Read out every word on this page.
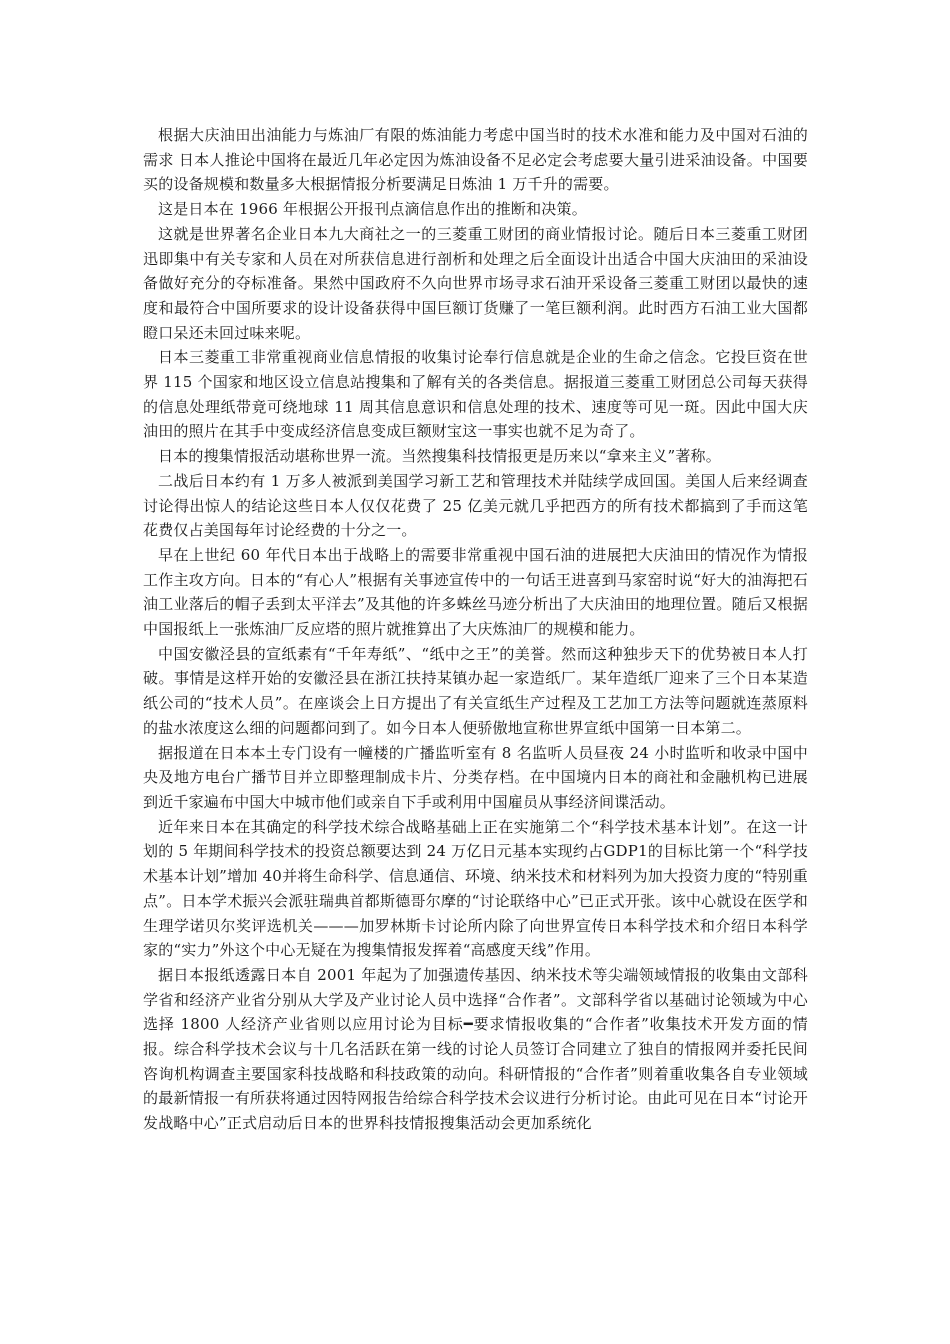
根据大庆油田出油能力与炼油厂有限的炼油能力考虑中国当时的技术水准和能力及中国对石油的需求 日本人推论中国将在最近几年必定因为炼油设备不足必定会考虑要大量引进采油设备。中国要买的设备规模和数量多大根据情报分析要满足日炼油 1 万千升的需要。

这是日本在 1966 年根据公开报刊点滴信息作出的推断和决策。

这就是世界著名企业日本九大商社之一的三菱重工财团的商业情报讨论。随后日本三菱重工财团迅即集中有关专家和人员在对所获信息进行剖析和处理之后全面设计出适合中国大庆油田的采油设备做好充分的夺标准备。果然中国政府不久向世界市场寻求石油开采设备三菱重工财团以最快的速度和最符合中国所要求的设计设备获得中国巨额订货赚了一笔巨额利润。此时西方石油工业大国都瞪口呆还未回过味来呢。

日本三菱重工非常重视商业信息情报的收集讨论奉行信息就是企业的生命之信念。它投巨资在世界 115 个国家和地区设立信息站搜集和了解有关的各类信息。据报道三菱重工财团总公司每天获得的信息处理纸带竟可绕地球 11 周其信息意识和信息处理的技术、速度等可见一斑。因此中国大庆油田的照片在其手中变成经济信息变成巨额财宝这一事实也就不足为奇了。

日本的搜集情报活动堪称世界一流。当然搜集科技情报更是历来以“拿来主义”著称。

二战后日本约有 1 万多人被派到美国学习新工艺和管理技术并陆续学成回国。美国人后来经调查讨论得出惊人的结论这些日本人仅仅花费了 25 亿美元就几乎把西方的所有技术都搞到了手而这笔花费仅占美国每年讨论经费的十分之一。

早在上世纪 60 年代日本出于战略上的需要非常重视中国石油的进展把大庆油田的情况作为情报工作主攻方向。日本的“有心人”根据有关事迹宣传中的一句话王进喜到马家窑时说“好大的油海把石油工业落后的帽子丢到太平洋去”及其他的许多蛛丝马迹分析出了大庆油田的地理位置。随后又根据中国报纸上一张炼油厂反应塔的照片就推算出了大庆炼油厂的规模和能力。

中国安徽泾县的宣纸素有“千年寿纸”、“纸中之王”的美誉。然而这种独步天下的优势被日本人打破。事情是这样开始的安徽泾县在浙江扶持某镇办起一家造纸厂。某年造纸厂迎来了三个日本某造纸公司的“技术人员”。在座谈会上日方提出了有关宣纸生产过程及工艺加工方法等问题就连蒸原料的盐水浓度这么细的问题都问到了。如今日本人便骄傲地宣称世界宣纸中国第一日本第二。

据报道在日本本土专门设有一幢楼的广播监听室有 8 名监听人员昼夜 24 小时监听和收录中国中央及地方电台广播节目并立即整理制成卡片、分类存档。在中国境内日本的商社和金融机构已进展到近千家遍布中国大中城市他们或亲自下手或利用中国雇员从事经济间谍活动。

近年来日本在其确定的科学技术综合战略基础上正在实施第二个“科学技术基本计划”。在这一计划的 5 年期间科学技术的投资总额要达到 24 万亿日元基本实现约占GDP1的目标比第一个“科学技术基本计划”增加 40并将生命科学、信息通信、环境、纳米技术和材料列为加大投资力度的“特别重点”。日本学术振兴会派驻瑞典首都斯德哥尔摩的“讨论联络中心”已正式开张。该中心就设在医学和生理学诺贝尔奖评选机关———加罗林斯卡讨论所内除了向世界宣传日本科学技术和介绍日本科学家的“实力”外这个中心无疑在为搜集情报发挥着“高感度天线”作用。

据日本报纸透露日本自 2001 年起为了加强遗传基因、纳米技术等尖端领域情报的收集由文部科学省和经济产业省分别从大学及产业讨论人员中选择“合作者”。文部科学省以基础讨论领域为中心选择 1800 人经济产业省则以应用讨论为目标━要求情报收集的“合作者”收集技术开发方面的情报。综合科学技术会议与十几名活跃在第一线的讨论人员签订合同建立了独自的情报网并委托民间咨询机构调查主要国家科技战略和科技政策的动向。科研情报的“合作者”则着重收集各自专业领域的最新情报一有所获将通过因特网报告给综合科学技术会议进行分析讨论。由此可见在日本“讨论开发战略中心”正式启动后日本的世界科技情报搜集活动会更加系统化
